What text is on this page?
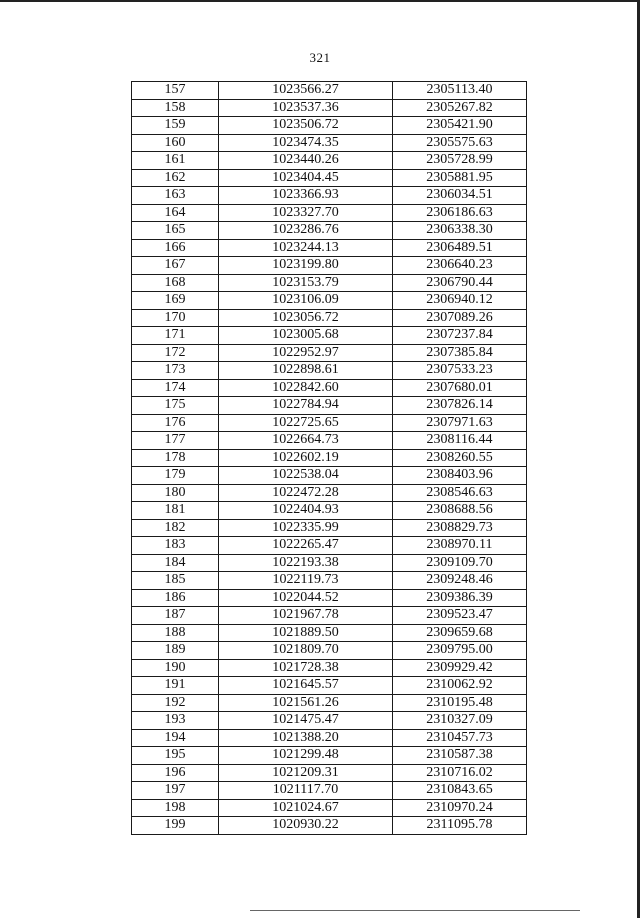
321
157	1023566.27	2305113.40
158	1023537.36	2305267.82
159	1023506.72	2305421.90
160	1023474.35	2305575.63
161	1023440.26	2305728.99
162	1023404.45	2305881.95
163	1023366.93	2306034.51
164	1023327.70	2306186.63
165	1023286.76	2306338.30
166	1023244.13	2306489.51
167	1023199.80	2306640.23
168	1023153.79	2306790.44
169	1023106.09	2306940.12
170	1023056.72	2307089.26
171	1023005.68	2307237.84
172	1022952.97	2307385.84
173	1022898.61	2307533.23
174	1022842.60	2307680.01
175	1022784.94	2307826.14
176	1022725.65	2307971.63
177	1022664.73	2308116.44
178	1022602.19	2308260.55
179	1022538.04	2308403.96
180	1022472.28	2308546.63
181	1022404.93	2308688.56
182	1022335.99	2308829.73
183	1022265.47	2308970.11
184	1022193.38	2309109.70
185	1022119.73	2309248.46
186	1022044.52	2309386.39
187	1021967.78	2309523.47
188	1021889.50	2309659.68
189	1021809.70	2309795.00
190	1021728.38	2309929.42
191	1021645.57	2310062.92
192	1021561.26	2310195.48
193	1021475.47	2310327.09
194	1021388.20	2310457.73
195	1021299.48	2310587.38
196	1021209.31	2310716.02
197	1021117.70	2310843.65
198	1021024.67	2310970.24
199	1020930.22	2311095.78
